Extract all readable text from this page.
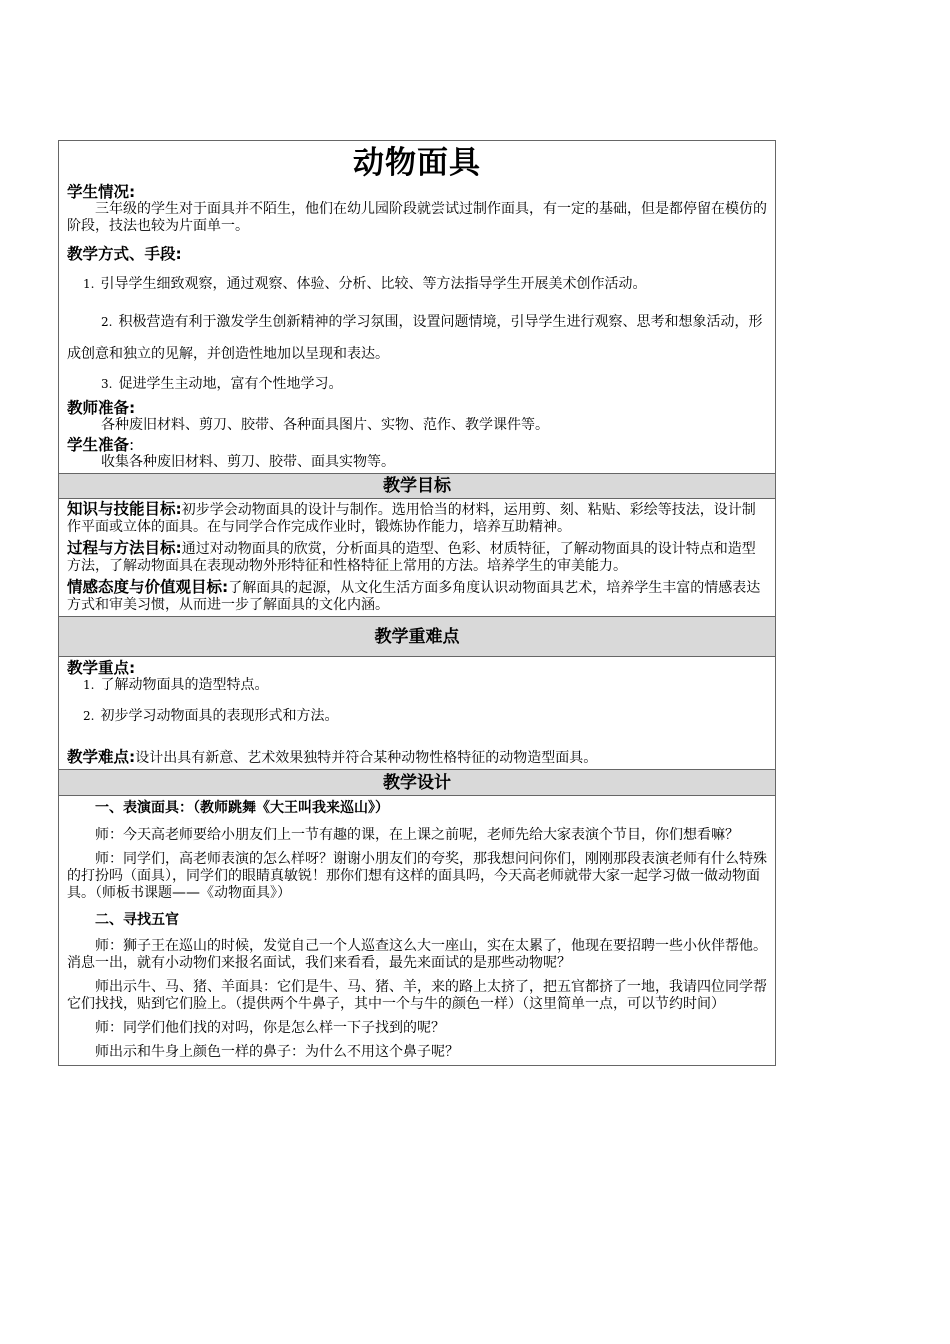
动物面具

学生情况:

三年级的学生对于面具并不陌生，他们在幼儿园阶段就尝试过制作面具，有一定的基础，但是都停留在模仿的阶段，技法也较为片面单一。

教学方式、手段:

1. 引导学生细致观察，通过观察、体验、分析、比较、等方法指导学生开展美术创作活动。

2. 积极营造有利于激发学生创新精神的学习氛围，设置问题情境，引导学生进行观察、思考和想象活动，形成创意和独立的见解，并创造性地加以呈现和表达。

3. 促进学生主动地，富有个性地学习。

教师准备:

各种废旧材料、剪刀、胶带、各种面具图片、实物、范作、教学课件等。

学生准备:

收集各种废旧材料、剪刀、胶带、面具实物等。

教学目标

知识与技能目标:初步学会动物面具的设计与制作。选用恰当的材料，运用剪、刻、粘贴、彩绘等技法，设计制作平面或立体的面具。在与同学合作完成作业时，锻炼协作能力，培养互助精神。

过程与方法目标:通过对动物面具的欣赏，分析面具的造型、色彩、材质特征，了解动物面具的设计特点和造型方法，了解动物面具在表现动物外形特征和性格特征上常用的方法。培养学生的审美能力。

情感态度与价值观目标:了解面具的起源，从文化生活方面多角度认识动物面具艺术，培养学生丰富的情感表达方式和审美习惯，从而进一步了解面具的文化内涵。

教学重难点

教学重点:

1. 了解动物面具的造型特点。

2. 初步学习动物面具的表现形式和方法。

教学难点:设计出具有新意、艺术效果独特并符合某种动物性格特征的动物造型面具。

教学设计

一、表演面具：（教师跳舞《大王叫我来巡山》）

师：今天高老师要给小朋友们上一节有趣的课，在上课之前呢，老师先给大家表演个节目，你们想看嘛？

师：同学们，高老师表演的怎么样呀？谢谢小朋友们的夸奖，那我想问问你们，刚刚那段表演老师有什么特殊的打扮吗（面具），同学们的眼睛真敏锐！那你们想有这样的面具吗，今天高老师就带大家一起学习做一做动物面具。（师板书课题——《动物面具》）

二、寻找五官

师：狮子王在巡山的时候，发觉自己一个人巡查这么大一座山，实在太累了，他现在要招聘一些小伙伴帮他。消息一出，就有小动物们来报名面试，我们来看看，最先来面试的是那些动物呢？

师出示牛、马、猪、羊面具：它们是牛、马、猪、羊，来的路上太挤了，把五官都挤了一地，我请四位同学帮它们找找，贴到它们脸上。（提供两个牛鼻子，其中一个与牛的颜色一样）（这里简单一点，可以节约时间）

师：同学们他们找的对吗，你是怎么样一下子找到的呢？

师出示和牛身上颜色一样的鼻子：为什么不用这个鼻子呢？
